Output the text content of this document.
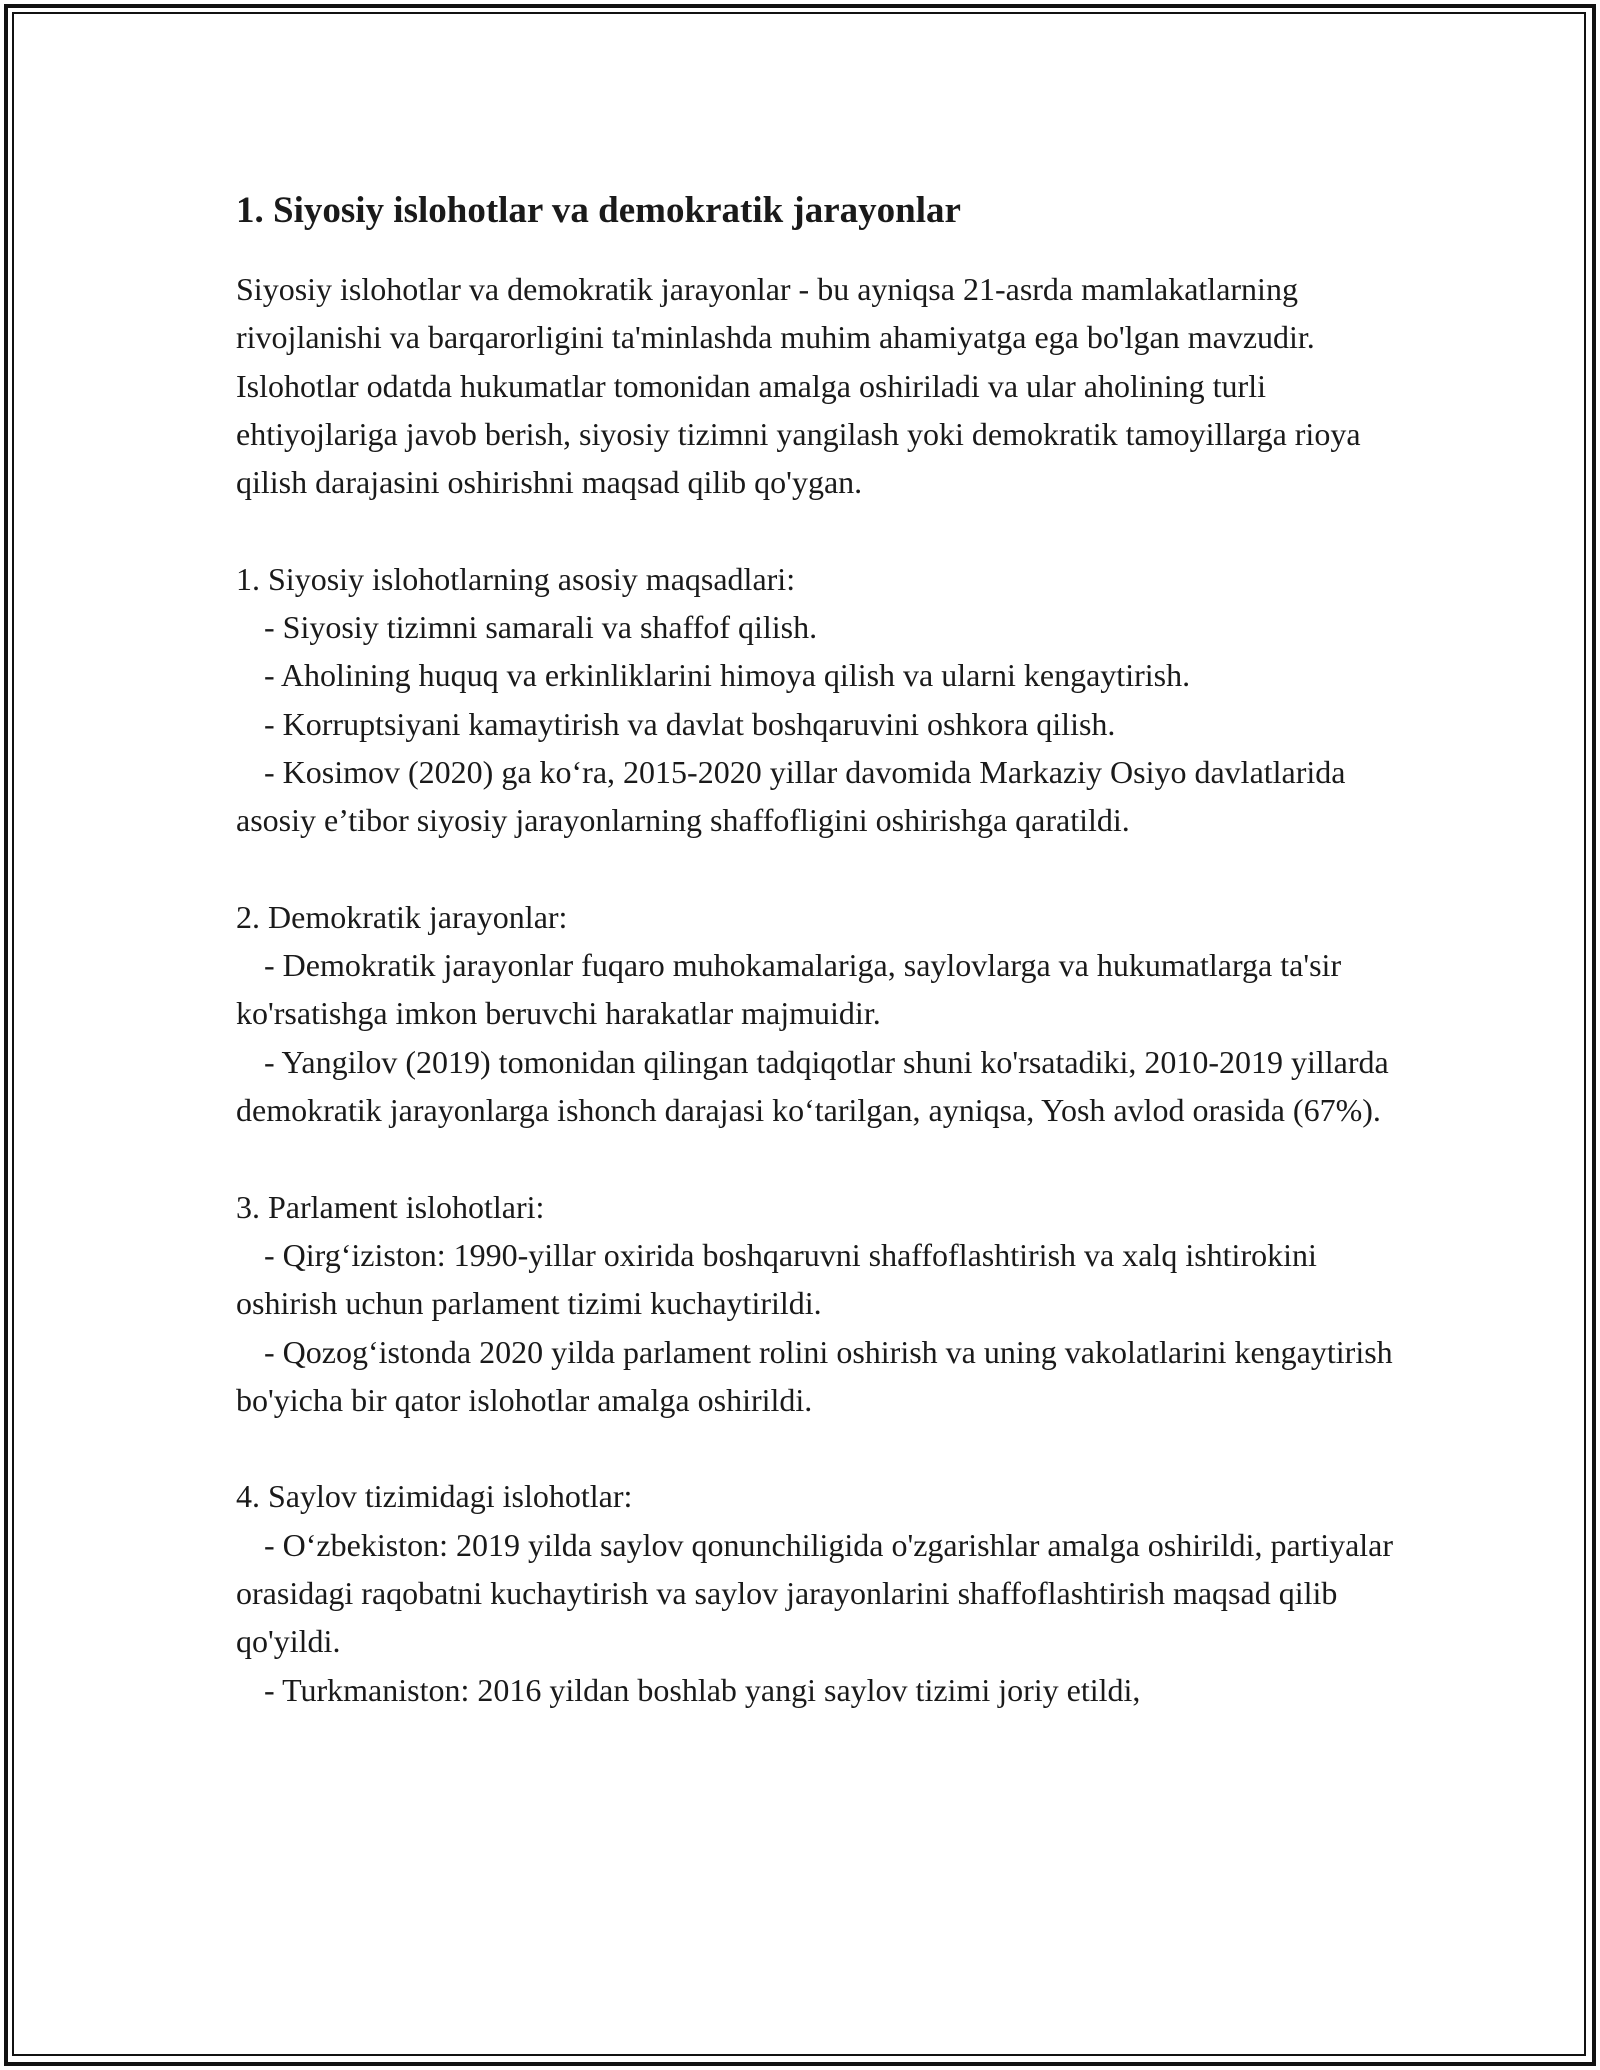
1. Siyosiy islohotlar va demokratik jarayonlar

Siyosiy islohotlar va demokratik jarayonlar - bu ayniqsa 21-asrda mamlakatlarning rivojlanishi va barqarorligini ta'minlashda muhim ahamiyatga ega bo'lgan mavzudir. Islohotlar odatda hukumatlar tomonidan amalga oshiriladi va ular aholining turli ehtiyojlariga javob berish, siyosiy tizimni yangilash yoki demokratik tamoyillarga rioya qilish darajasini oshirishni maqsad qilib qo'ygan.

1. Siyosiy islohotlarning asosiy maqsadlari:

- Siyosiy tizimni samarali va shaffof qilish.

- Aholining huquq va erkinliklarini himoya qilish va ularni kengaytirish.

- Korruptsiyani kamaytirish va davlat boshqaruvini oshkora qilish.

- Kosimov (2020) ga ko‘ra, 2015-2020 yillar davomida Markaziy Osiyo davlatlarida asosiy e’tibor siyosiy jarayonlarning shaffofligini oshirishga qaratildi.

2. Demokratik jarayonlar:

- Demokratik jarayonlar fuqaro muhokamalariga, saylovlarga va hukumatlarga ta'sir ko'rsatishga imkon beruvchi harakatlar majmuidir.

- Yangilov (2019) tomonidan qilingan tadqiqotlar shuni ko'rsatadiki, 2010-2019 yillarda demokratik jarayonlarga ishonch darajasi ko‘tarilgan, ayniqsa, Yosh avlod orasida (67%).

3. Parlament islohotlari:

- Qirg‘iziston: 1990-yillar oxirida boshqaruvni shaffoflashtirish va xalq ishtirokini oshirish uchun parlament tizimi kuchaytirildi.

- Qozog‘istonda 2020 yilda parlament rolini oshirish va uning vakolatlarini kengaytirish bo'yicha bir qator islohotlar amalga oshirildi.

4. Saylov tizimidagi islohotlar:

- O‘zbekiston: 2019 yilda saylov qonunchiligida o'zgarishlar amalga oshirildi, partiyalar orasidagi raqobatni kuchaytirish va saylov jarayonlarini shaffoflashtirish maqsad qilib qo'yildi.

- Turkmaniston: 2016 yildan boshlab yangi saylov tizimi joriy etildi,
